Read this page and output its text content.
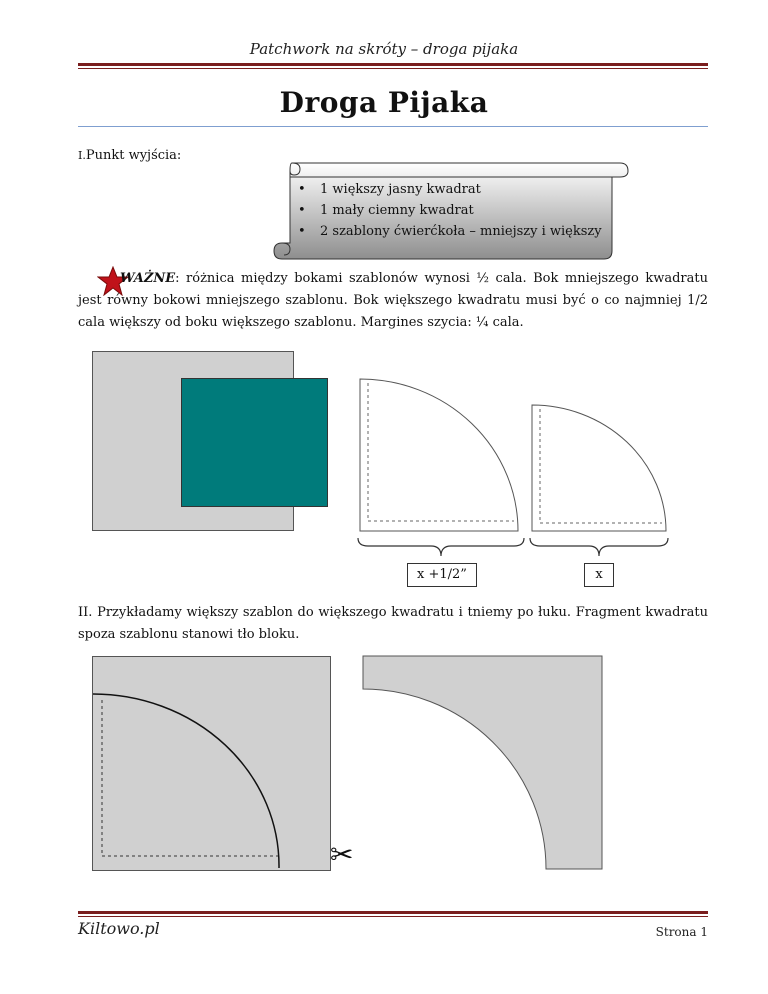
Patchwork na skróty – droga pijaka
Droga Pijaka
I.Punkt wyjścia:
• 1 większy jasny kwadrat
• 1 mały ciemny kwadrat
• 2 szablony ćwierćkoła – mniejszy i większy
WAŻNE: różnica między bokami szablonów wynosi ½ cala. Bok mniejszego kwadratu jest równy bokowi mniejszego szablonu. Bok większego kwadratu musi być o co najmniej 1/2 cala większy od boku większego szablonu. Margines szycia: ¼ cala.
x +1/2”	x
II. Przykładamy większy szablon do większego kwadratu i tniemy po łuku. Fragment kwadratu spoza szablonu stanowi tło bloku.
✂
Kiltowo.pl	Strona 1
